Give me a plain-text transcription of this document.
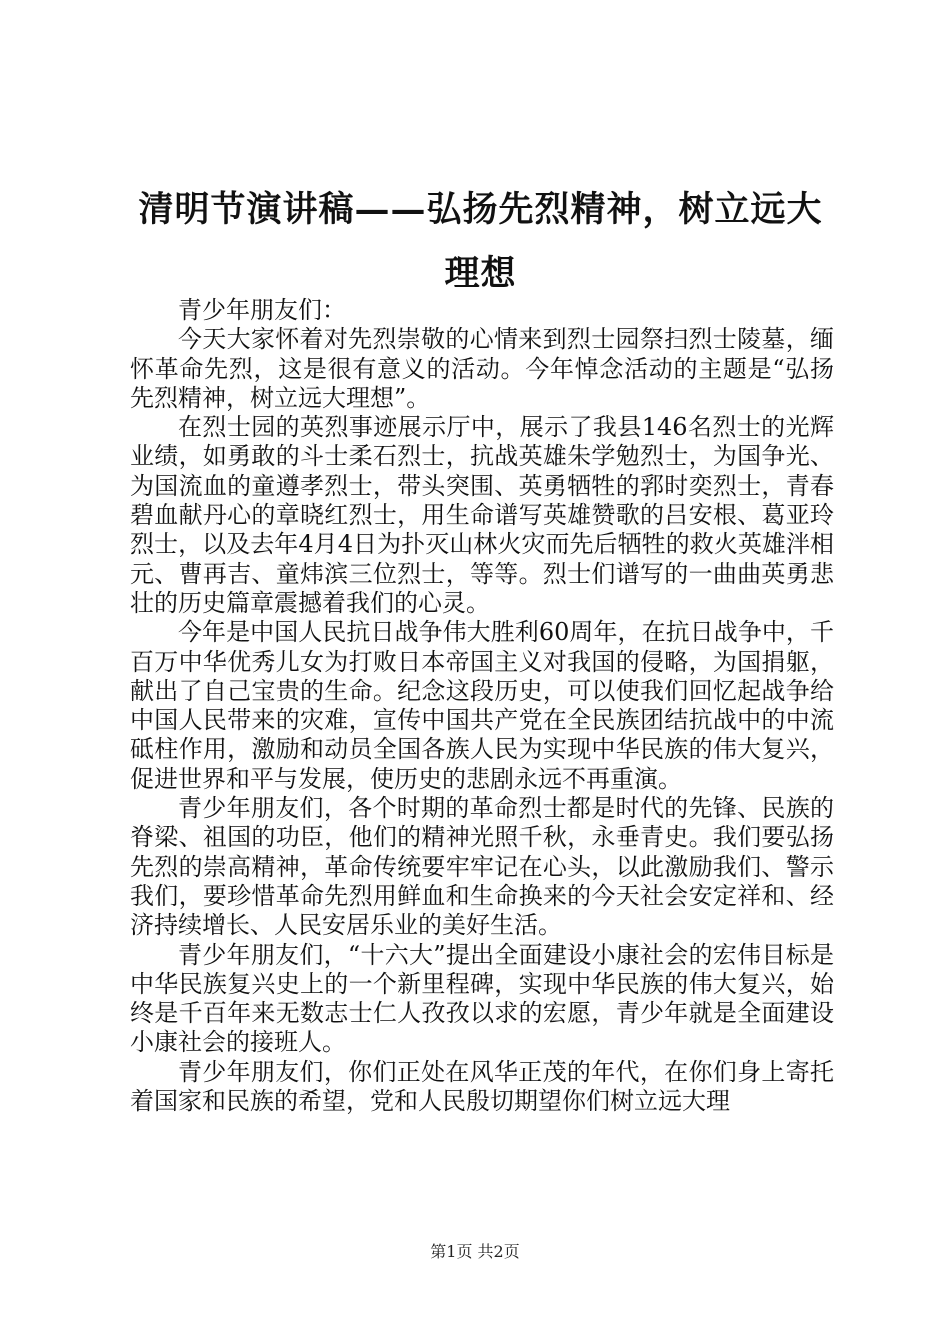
清明节演讲稿——弘扬先烈精神，树立远大理想

青少年朋友们：

今天大家怀着对先烈崇敬的心情来到烈士园祭扫烈士陵墓，缅怀革命先烈，这是很有意义的活动。今年悼念活动的主题是“弘扬先烈精神，树立远大理想”。

在烈士园的英烈事迹展示厅中，展示了我县146名烈士的光辉业绩，如勇敢的斗士柔石烈士，抗战英雄朱学勉烈士，为国争光、为国流血的童遵孝烈士，带头突围、英勇牺牲的郛时奕烈士，青春碧血献丹心的章晓红烈士，用生命谱写英雄赞歌的吕安根、葛亚玲烈士，以及去年4月4日为扑灭山林火灾而先后牺牲的救火英雄泮相元、曹再吉、童炜滨三位烈士，等等。烈士们谱写的一曲曲英勇悲壮的历史篇章震撼着我们的心灵。

今年是中国人民抗日战争伟大胜利60周年，在抗日战争中，千百万中华优秀儿女为打败日本帝国主义对我国的侵略，为国捐躯，献出了自己宝贵的生命。纪念这段历史，可以使我们回忆起战争给中国人民带来的灾难，宣传中国共产党在全民族团结抗战中的中流砥柱作用，激励和动员全国各族人民为实现中华民族的伟大复兴，促进世界和平与发展，使历史的悲剧永远不再重演。

青少年朋友们，各个时期的革命烈士都是时代的先锋、民族的脊梁、祖国的功臣，他们的精神光照千秋，永垂青史。我们要弘扬先烈的崇高精神，革命传统要牢牢记在心头，以此激励我们、警示我们，要珍惜革命先烈用鲜血和生命换来的今天社会安定祥和、经济持续增长、人民安居乐业的美好生活。

青少年朋友们，“十六大”提出全面建设小康社会的宏伟目标是中华民族复兴史上的一个新里程碑，实现中华民族的伟大复兴，始终是千百年来无数志士仁人孜孜以求的宏愿，青少年就是全面建设小康社会的接班人。

青少年朋友们，你们正处在风华正茂的年代，在你们身上寄托着国家和民族的希望，党和人民殷切期望你们树立远大理

第1页 共2页
